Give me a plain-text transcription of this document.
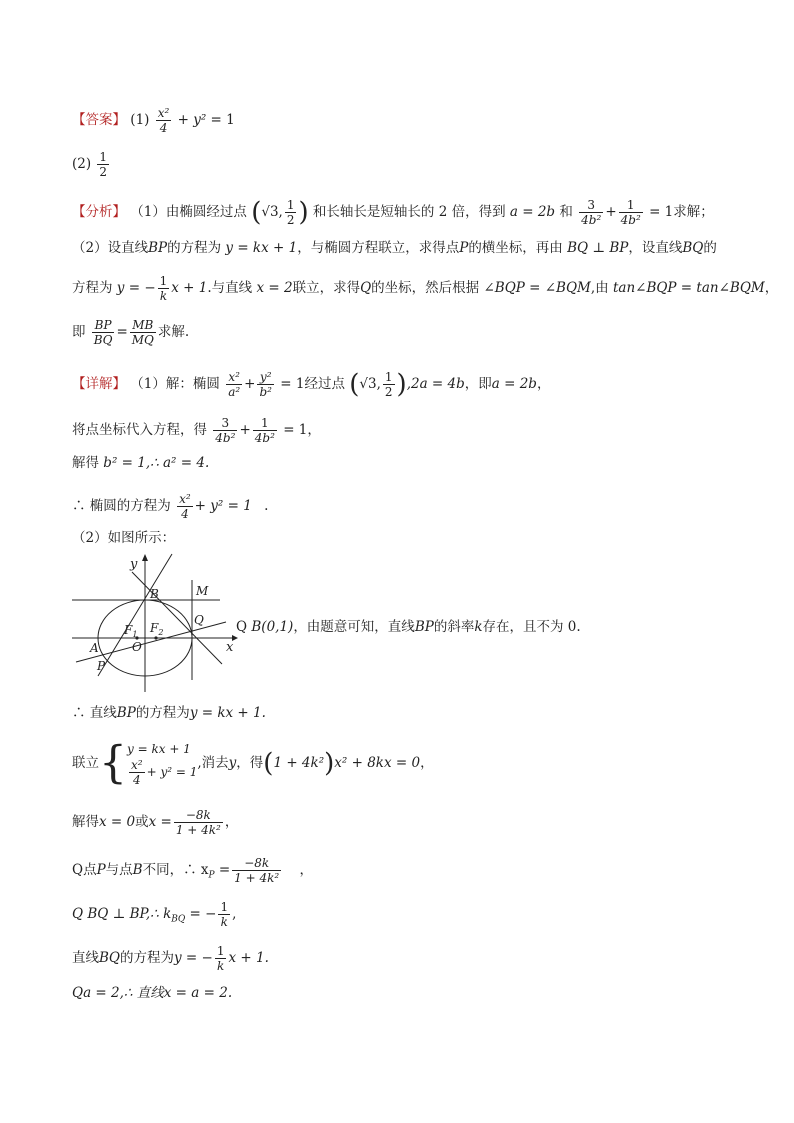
【答案】 $(1) \frac{\text{x²}}{4} + y^2 = 1$
$(2) \frac{1}{2}$
【分析】 （1）由椭圆经过点 (√3, $\frac{1}{2}$ ) 和长轴长是短轴长的 2 倍，得到 a = 2b 和 $\frac{3}{\text{4b²}} + \frac{1}{\text{4b²}} = 1$求解；
（2）设直线BP的方程为 y = kx + 1，与椭圆方程联立，求得点P的横坐标，再由 BQ ⊥ BP，设直线BQ的
方程为 y = − $\frac{1}{k}$ x + 1.与直线 x = 2联立，求得Q的坐标，然后根据 ∠BQP = ∠BQM,由 tan∠BQP = tan∠BQM，
即 $\frac{BP}{BQ} = \frac{MB}{MQ}$ 求解.
【详解】 （1）解：椭圆 $\frac{\text{x²}}{\text{a²}} + \frac{\text{y²}}{\text{b²}} = 1$经过点 (√3, $\frac{1}{2} ),2a = 4b$，即a = 2b，
将点坐标代入方程，得 $\frac{3}{\text{4b²}} + \frac{1}{\text{4b²}} = 1$，
解得 b² = 1,∴ a² = 4.
∴ 椭圆的方程为 $\frac{\text{x²}}{4} + y^2 = 1$ .
（2）如图所示：
y
x
B	M
Q
$F_1$ $F_2$
O
A
P
Q B(0,1)，由题意可知，直线BP的斜率k存在，且不为 0.
∴ 直线BP的方程为y = kx + 1.
联立{ y = kx + 1
$\frac{\text{x²}}{4} + y^2 = 1$
,消去y，得(1 + 4k²)x² + 8kx = 0，
解得x = 0或$x = \frac{-8k}{\text{1 + 4k²}}$ ，
Q点P与点B不同，∴ $x_P = \frac{-8k}{\text{1 + 4k²}}$ ，
Q BQ ⊥ BP,∴ $k_{BQ}$ = − $\frac{1}{k}$ ,
直线BQ的方程为y = − $\frac{1}{k}$ x + 1.
Qa = 2,∴ 直线x = a = 2.
